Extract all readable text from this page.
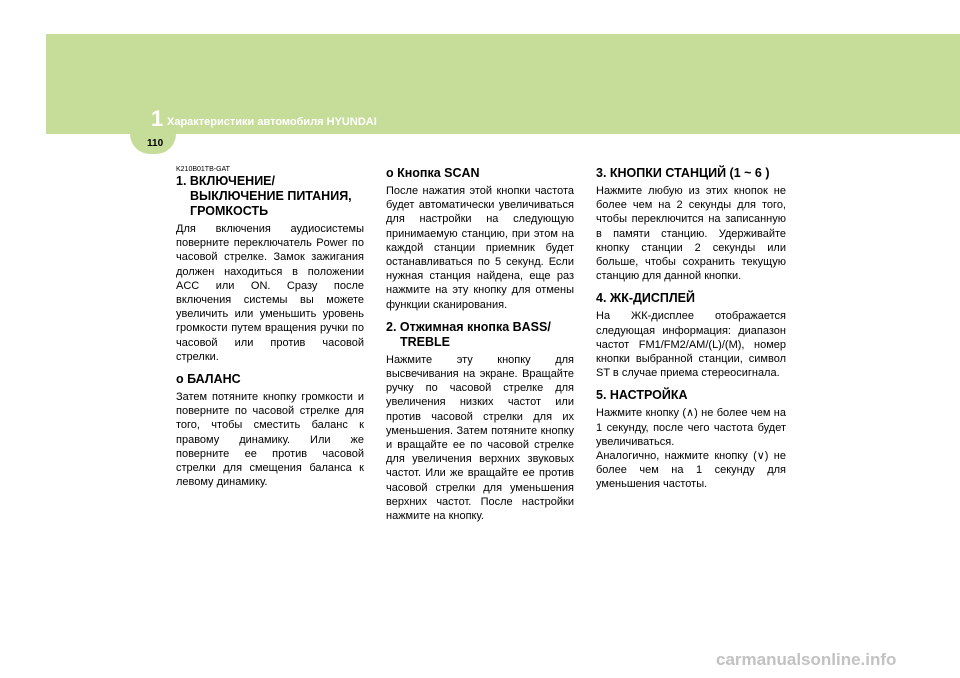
1 Характеристики автомобиля HYUNDAI
110
K210B01TB-GAT
1. ВКЛЮЧЕНИЕ/ ВЫКЛЮЧЕНИЕ ПИТАНИЯ, ГРОМКОСТЬ

Для включения аудиосистемы поверните переключатель Power по часовой стрелке. Замок зажигания должен находиться в положении ACC или ON. Сразу после включения системы вы можете увеличить или уменьшить уровень громкости путем вращения ручки по часовой или против часовой стрелки.

o БАЛАНС

Затем потяните кнопку громкости и поверните по часовой стрелке для того, чтобы сместить баланс к правому динамику. Или же поверните ее против часовой стрелки для смещения баланса к левому динамику.

o Кнопка SCAN

После нажатия этой кнопки частота будет автоматически увеличиваться для настройки на следующую принимаемую станцию, при этом на каждой станции приемник будет останавливаться по 5 секунд. Если нужная станция найдена, еще раз нажмите на эту кнопку для отмены функции сканирования.

2. Отжимная кнопка BASS/ TREBLE

Нажмите эту кнопку для высвечивания на экране. Вращайте ручку по часовой стрелке для увеличения низких частот или против часовой стрелки для их уменьшения. Затем потяните кнопку и вращайте ее по часовой стрелке для увеличения верхних звуковых частот. Или же вращайте ее против часовой стрелки для уменьшения верхних частот. После настройки нажмите на кнопку.

3. КНОПКИ СТАНЦИЙ (1 ~ 6 )

Нажмите любую из этих кнопок не более чем на 2 секунды для того, чтобы переключится на записанную в памяти станцию. Удерживайте кнопку станции 2 секунды или больше, чтобы сохранить текущую станцию для данной кнопки.

4. ЖК-ДИСПЛЕЙ

На ЖК-дисплее отображается следующая информация: диапазон частот FM1/FM2/AM/(L)/(M), номер кнопки выбранной станции, символ ST в случае приема стереосигнала.

5. НАСТРОЙКА

Нажмите кнопку (∧) не более чем на 1 секунду, после чего частота будет увеличиваться.

Аналогично, нажмите кнопку (∨) не более чем на 1 секунду для уменьшения частоты.

carmanualsonline.info
